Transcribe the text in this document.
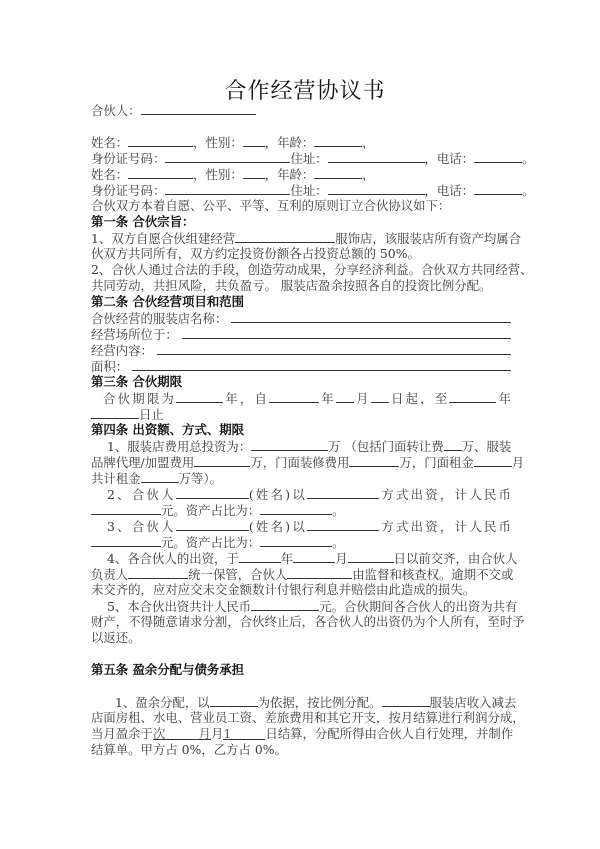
合作经营协议书
合伙人：
姓名：	，性别： ，年龄：	，
身份证号码：	住址：	，电话：	。
姓名：	，性别： ，年龄：	，
身份证号码：	住址：	，电话：	。
合伙双方本着自愿、公平、平等、互利的原则订立合伙协议如下：
第一条 合伙宗旨：
1、双方自愿合伙组建经营	服饰店，该服装店所有资产均属合
伙双方共同所有，双方约定投资份额各占投资总额的 50%。
2、合伙人通过合法的手段，创造劳动成果，分享经济利益。合伙双方共同经营、
共同劳动，共担风险，共负盈亏。 服装店盈余按照各自的投资比例分配。
第二条 合伙经营项目和范围
合伙经营的服装店名称：
经营场所位于：
经营内容：
面积：
第三条 合伙期限
合伙期限为	年，自	年 月 日起，至	年
日止
第四条 出资额、方式、期限
1、服装店费用总投资为：	万 （包括门面转让费 万、服装
品牌代理/加盟费用	万，门面装修费用	万，门面租金	月
共计租金	万等）。
2、合伙人	(姓名)以	方式出资，计人民币
元。资产占比为：	。
3、合伙人	(姓名)以	方式出资，计人民币
元。资产占比为：	。
4、各合伙人的出资，于	年	月	日以前交齐，由合伙人
负责人	统一保管，合伙人	由监督和核查权。逾期不交或
未交齐的，应对应交未交金额数计付银行利息并赔偿由此造成的损失。
5、本合伙出资共计人民币	元。合伙期间各合伙人的出资为共有
财产，不得随意请求分割，合伙终止后，各合伙人的出资仍为个人所有，至时予
以返还。
第五条 盈余分配与债务承担
1、盈余分配，以	为依据，按比例分配。	服装店收入减去
店面房租、水电、营业员工资、差旅费用和其它开支，按月结算进行利润分成，
当月盈余于次月月1	日结算，分配所得由合伙人自行处理，并制作
结算单。甲方占 0%，乙方占 0%。
